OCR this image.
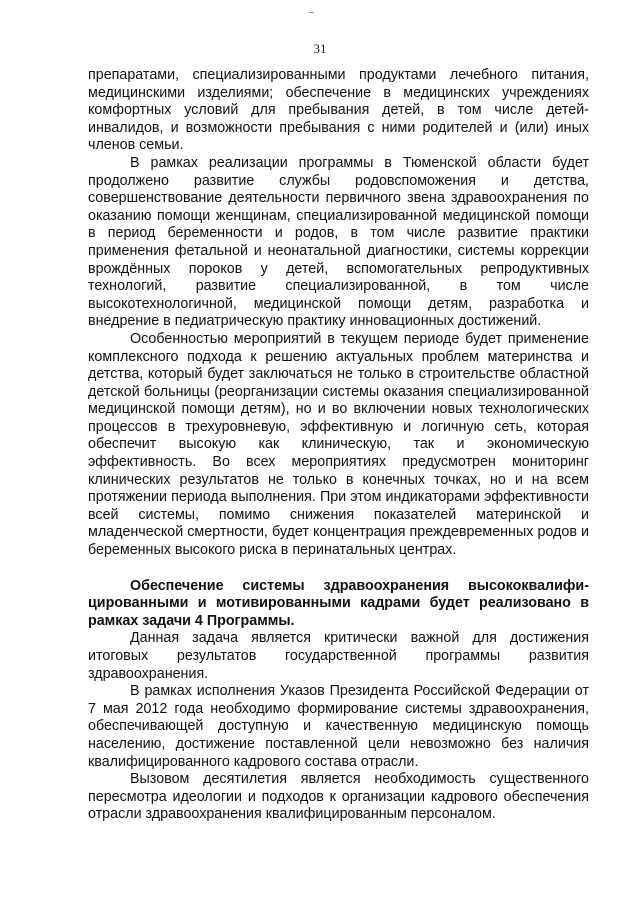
31

препаратами, специализированными продуктами лечебного питания, медицинскими изделиями; обеспечение в медицинских учреждениях комфортных условий для пребывания детей, в том числе детей-инвалидов, и возможности пребывания с ними родителей и (или) иных членов семьи.

В рамках реализации программы в Тюменской области будет продолжено развитие службы родовспоможения и детства, совершенствование деятельности первичного звена здравоохранения по оказанию помощи женщинам, специализированной медицинской помощи в период беременности и родов, в том числе развитие практики применения фетальной и неонатальной диагностики, системы коррекции врождённых пороков у детей, вспомогательных репродуктивных технологий, развитие специализированной, в том числе высокотехнологичной, медицинской помощи детям, разработка и внедрение в педиатрическую практику инновационных достижений.

Особенностью мероприятий в текущем периоде будет применение комплексного подхода к решению актуальных проблем материнства и детства, который будет заключаться не только в строительстве областной детской больницы (реорганизации системы оказания специализированной медицинской помощи детям), но и во включении новых технологических процессов в трехуровневую, эффективную и логичную сеть, которая обеспечит высокую как клиническую, так и экономическую эффективность. Во всех мероприятиях предусмотрен мониторинг клинических результатов не только в конечных точках, но и на всем протяжении периода выполнения. При этом индикаторами эффективности всей системы, помимо снижения показателей материнской и младенческой смертности, будет концентрация преждевременных родов и беременных высокого риска в перинатальных центрах.

Обеспечение системы здравоохранения высококвалифицированными и мотивированными кадрами будет реализовано в рамках задачи 4 Программы.

Данная задача является критически важной для достижения итоговых результатов государственной программы развития здравоохранения.

В рамках исполнения Указов Президента Российской Федерации от 7 мая 2012 года необходимо формирование системы здравоохранения, обеспечивающей доступную и качественную медицинскую помощь населению, достижение поставленной цели невозможно без наличия квалифицированного кадрового состава отрасли.

Вызовом десятилетия является необходимость существенного пересмотра идеологии и подходов к организации кадрового обеспечения отрасли здравоохранения квалифицированным персоналом.
